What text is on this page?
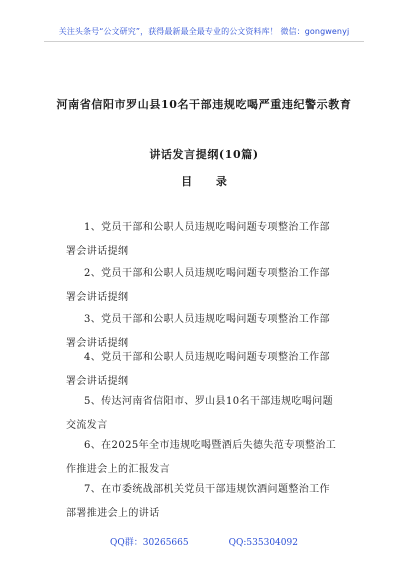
关注头条号“公文研究”，获得最新最全最专业的公文资料库！ 微信：gongwenyj
河南省信阳市罗山县10名干部违规吃喝严重违纪警示教育
讲话发言提纲(10篇)
目 录
1、党员干部和公职人员违规吃喝问题专项整治工作部
署会讲话提纲
2、党员干部和公职人员违规吃喝问题专项整治工作部
署会讲话提纲
3、党员干部和公职人员违规吃喝问题专项整治工作部
署会讲话提纲
4、党员干部和公职人员违规吃喝问题专项整治工作部
署会讲话提纲
5、传达河南省信阳市、罗山县10名干部违规吃喝问题
交流发言
6、在2025年全市违规吃喝暨酒后失德失范专项整治工
作推进会上的汇报发言
7、在市委统战部机关党员干部违规饮酒问题整治工作
部署推进会上的讲话
QQ群：30265665	QQ:535304092
